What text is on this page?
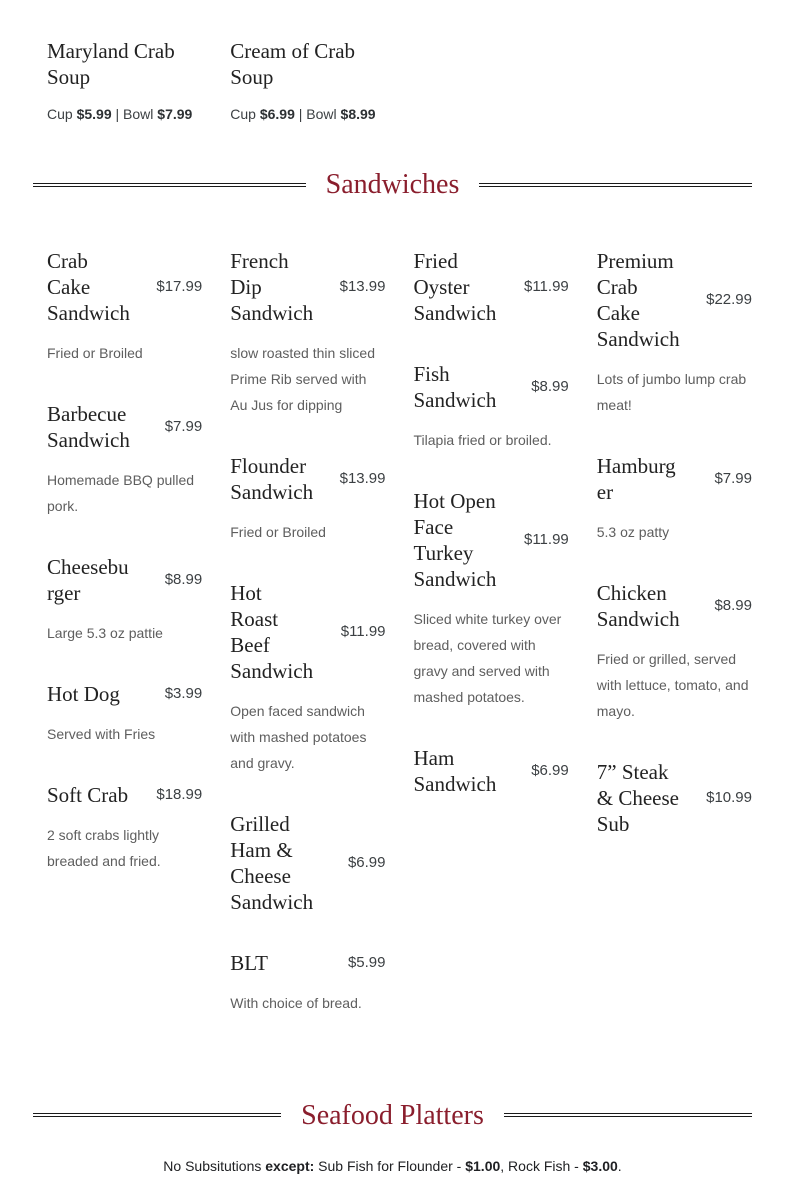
Maryland Crab Soup
Cup $5.99 | Bowl $7.99
Cream of Crab Soup
Cup $6.99 | Bowl $8.99
Sandwiches
Crab Cake Sandwich
$17.99

Fried or Broiled

Barbecue Sandwich
$7.99

Homemade BBQ pulled pork.

Cheeseburger
$8.99

Large 5.3 oz pattie

Hot Dog	$3.99

Served with Fries

Soft Crab $18.99

2 soft crabs lightly breaded and fried.

French Dip Sandwich
$13.99

slow roasted thin sliced Prime Rib served with Au Jus for dipping

Flounder Sandwich
$13.99

Fried or Broiled

Hot Roast Beef Sandwich
$11.99

Open faced sandwich with mashed potatoes and gravy.

Grilled Ham & Cheese Sandwich
$6.99
BLT	$5.99

With choice of bread.

Fried Oyster Sandwich
$11.99
Fish Sandwich
$8.99

Tilapia fried or broiled.

Hot Open Face Turkey Sandwich
$11.99

Sliced white turkey over bread, covered with gravy and served with mashed potatoes.

Ham Sandwich
$6.99
Premium Crab Cake Sandwich
$22.99

Lots of jumbo lump crab meat!

Hamburger
$7.99

5.3 oz patty

Chicken Sandwich
$8.99

Fried or grilled, served with lettuce, tomato, and mayo.

7” Steak & Cheese Sub
$10.99
Seafood Platters
No Subsitutions except: Sub Fish for Flounder - $1.00, Rock Fish - $3.00.
